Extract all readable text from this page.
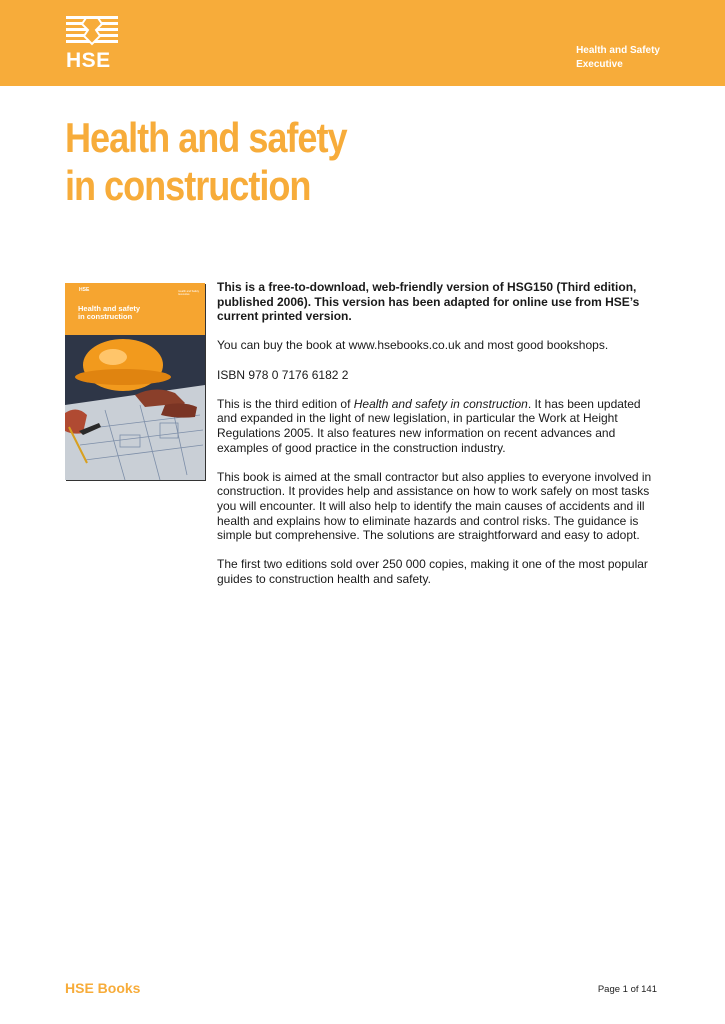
HSE	Health and Safety
Executive
Health and safety
in construction
HSE	Health and Safety
Executive
Health and safety
in construction

This is a free-to-download, web-friendly version of HSG150 (Third edition, published 2006). This version has been adapted for online use from HSE’s current printed version.

You can buy the book at www.hsebooks.co.uk and most good bookshops.

ISBN 978 0 7176 6182 2

This is the third edition of Health and safety in construction. It has been updated and expanded in the light of new legislation, in particular the Work at Height Regulations 2005. It also features new information on recent advances and examples of good practice in the construction industry.

This book is aimed at the small contractor but also applies to everyone involved in construction. It provides help and assistance on how to work safely on most tasks you will encounter. It will also help to identify the main causes of accidents and ill health and explains how to eliminate hazards and control risks. The guidance is simple but comprehensive. The solutions are straightforward and easy to adopt.

The first two editions sold over 250 000 copies, making it one of the most popular guides to construction health and safety.

HSE Books	Page 1 of 141
